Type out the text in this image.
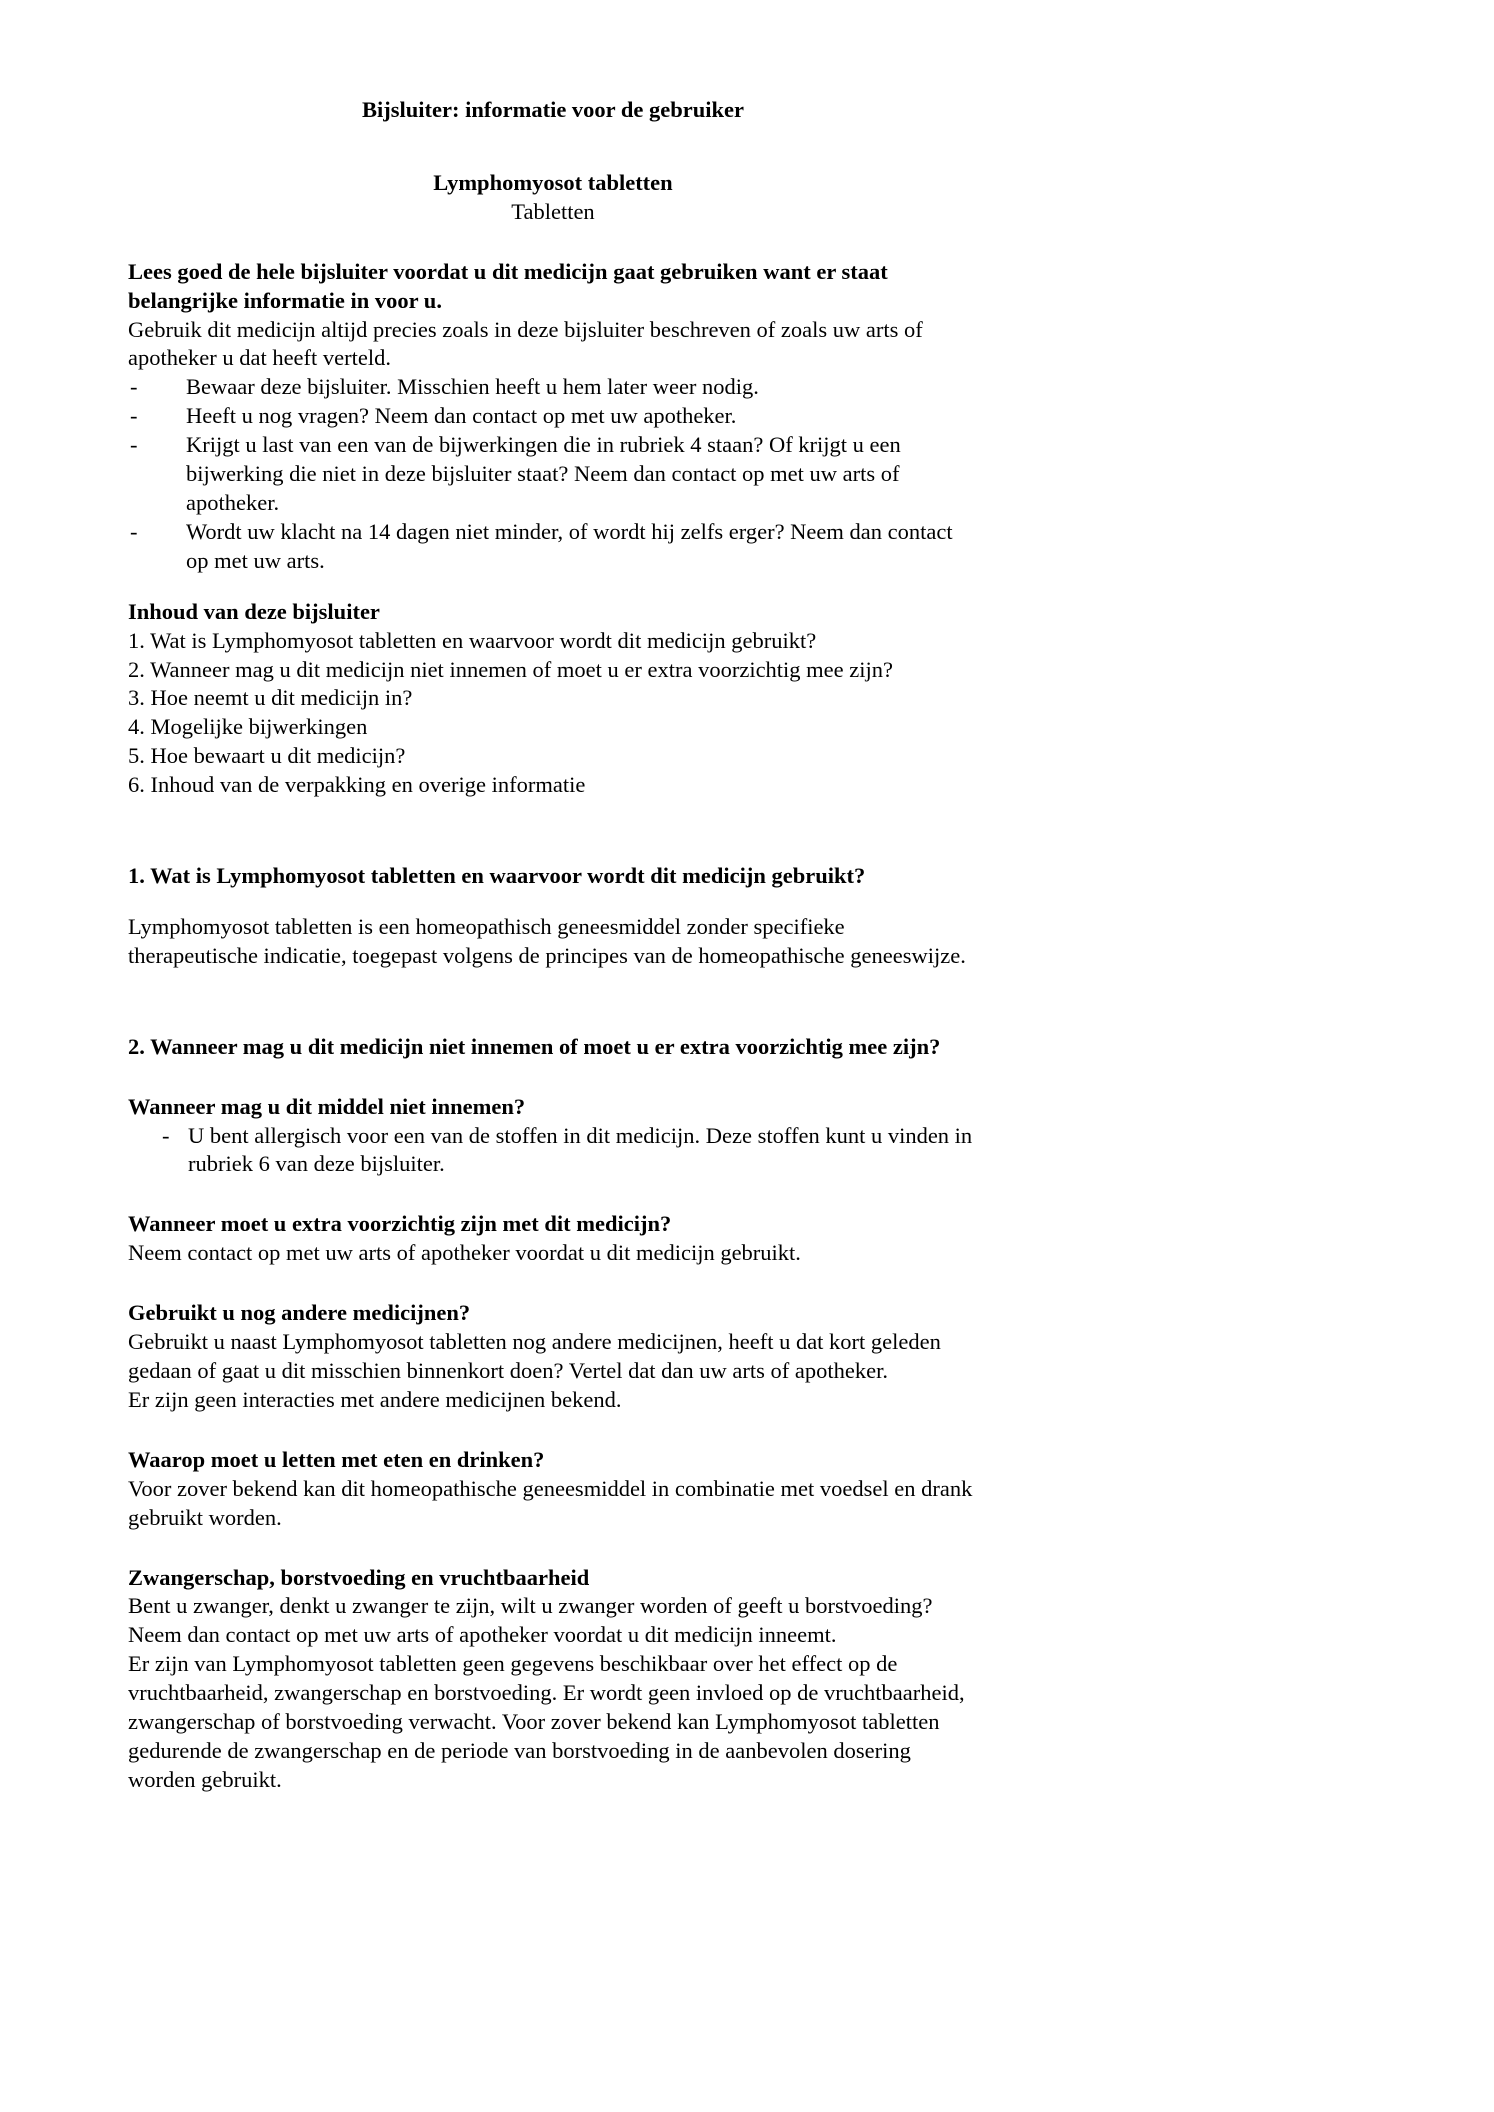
Bijsluiter: informatie voor de gebruiker

Lymphomyosot tabletten

Tabletten

Lees goed de hele bijsluiter voordat u dit medicijn gaat gebruiken want er staat belangrijke informatie in voor u.

Gebruik dit medicijn altijd precies zoals in deze bijsluiter beschreven of zoals uw arts of apotheker u dat heeft verteld.

- Bewaar deze bijsluiter. Misschien heeft u hem later weer nodig.
- Heeft u nog vragen? Neem dan contact op met uw apotheker.
- Krijgt u last van een van de bijwerkingen die in rubriek 4 staan? Of krijgt u een bijwerking die niet in deze bijsluiter staat? Neem dan contact op met uw arts of apotheker.
- Wordt uw klacht na 14 dagen niet minder, of wordt hij zelfs erger? Neem dan contact op met uw arts.

Inhoud van deze bijsluiter

1. Wat is Lymphomyosot tabletten en waarvoor wordt dit medicijn gebruikt?

2. Wanneer mag u dit medicijn niet innemen of moet u er extra voorzichtig mee zijn?

3. Hoe neemt u dit medicijn in?

4. Mogelijke bijwerkingen

5. Hoe bewaart u dit medicijn?

6. Inhoud van de verpakking en overige informatie

1. Wat is Lymphomyosot tabletten en waarvoor wordt dit medicijn gebruikt?

Lymphomyosot tabletten is een homeopathisch geneesmiddel zonder specifieke therapeutische indicatie, toegepast volgens de principes van de homeopathische geneeswijze.

2. Wanneer mag u dit medicijn niet innemen of moet u er extra voorzichtig mee zijn?

Wanneer mag u dit middel niet innemen?

- U bent allergisch voor een van de stoffen in dit medicijn. Deze stoffen kunt u vinden in rubriek 6 van deze bijsluiter.

Wanneer moet u extra voorzichtig zijn met dit medicijn?

Neem contact op met uw arts of apotheker voordat u dit medicijn gebruikt.

Gebruikt u nog andere medicijnen?

Gebruikt u naast Lymphomyosot tabletten nog andere medicijnen, heeft u dat kort geleden gedaan of gaat u dit misschien binnenkort doen? Vertel dat dan uw arts of apotheker.

Er zijn geen interacties met andere medicijnen bekend.

Waarop moet u letten met eten en drinken?

Voor zover bekend kan dit homeopathische geneesmiddel in combinatie met voedsel en drank gebruikt worden.

Zwangerschap, borstvoeding en vruchtbaarheid

Bent u zwanger, denkt u zwanger te zijn, wilt u zwanger worden of geeft u borstvoeding? Neem dan contact op met uw arts of apotheker voordat u dit medicijn inneemt.

Er zijn van Lymphomyosot tabletten geen gegevens beschikbaar over het effect op de vruchtbaarheid, zwangerschap en borstvoeding. Er wordt geen invloed op de vruchtbaarheid, zwangerschap of borstvoeding verwacht. Voor zover bekend kan Lymphomyosot tabletten gedurende de zwangerschap en de periode van borstvoeding in de aanbevolen dosering worden gebruikt.
